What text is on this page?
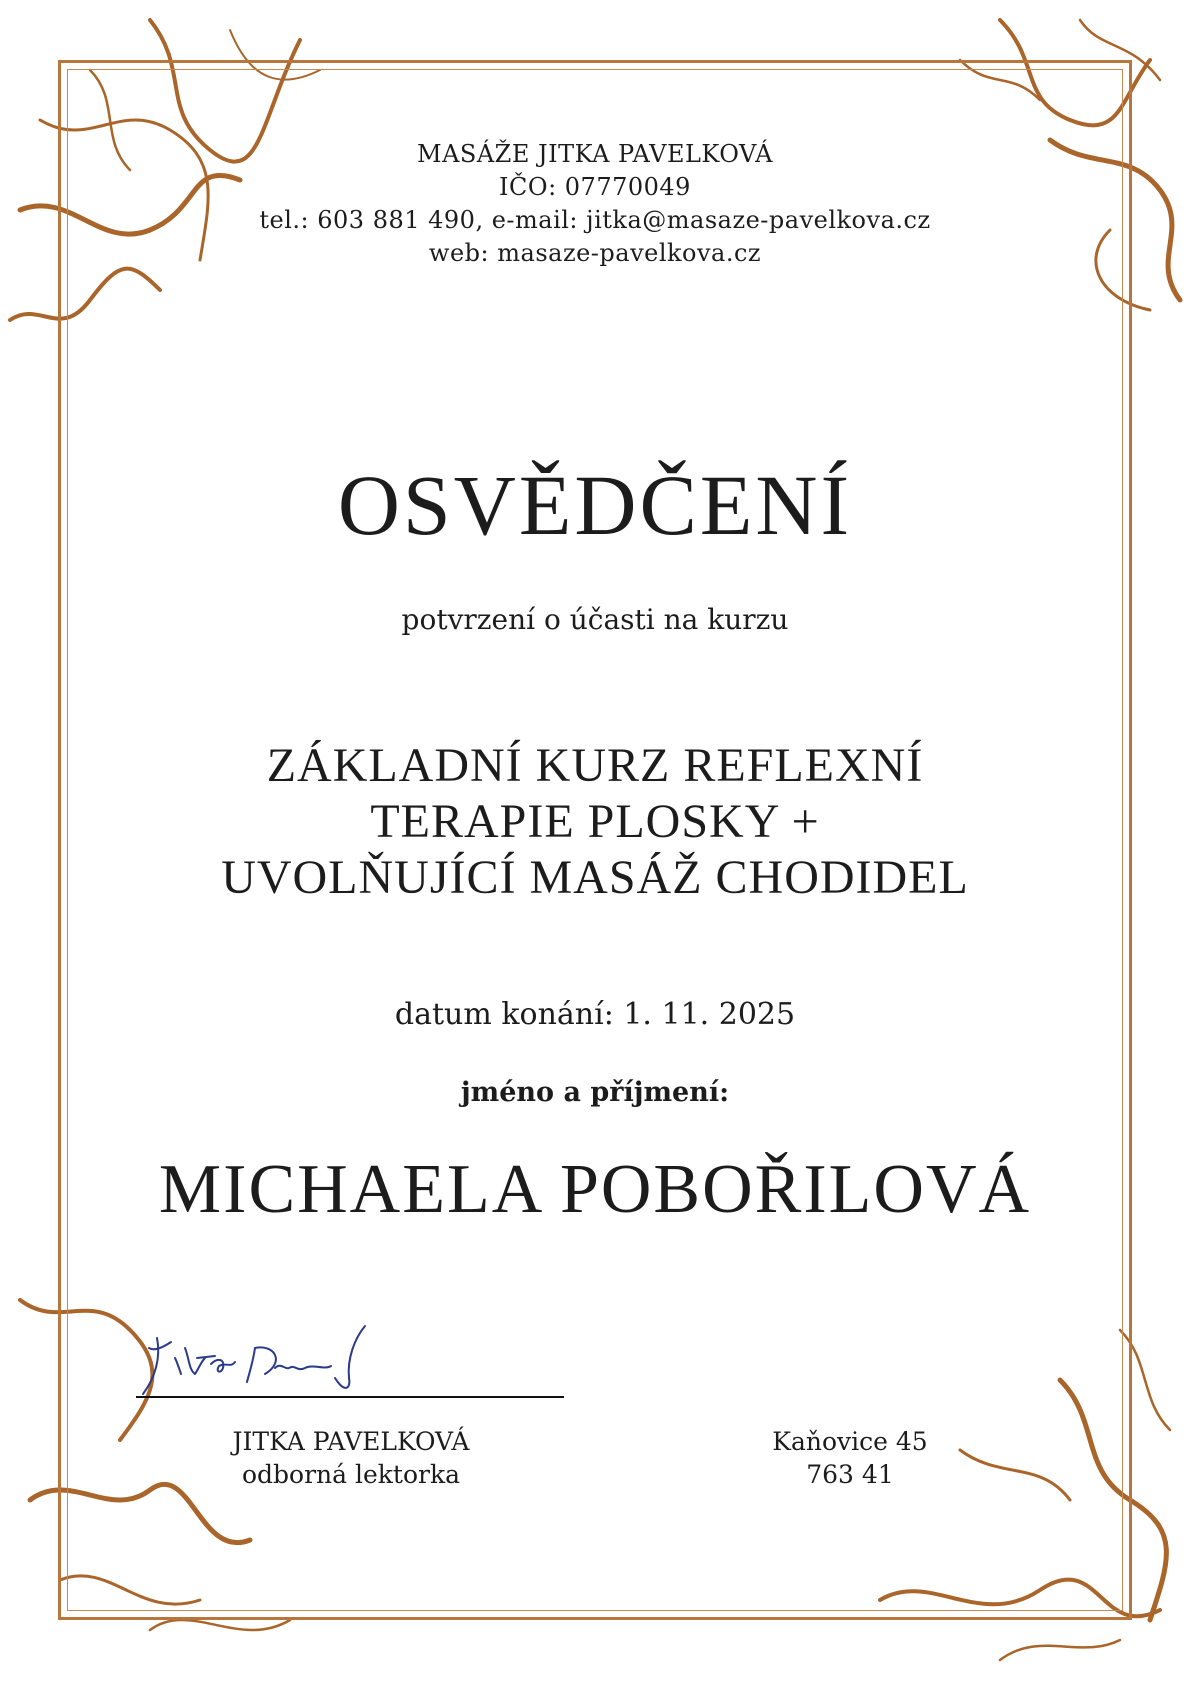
MASÁŽE JITKA PAVELKOVÁ
IČO: 07770049
tel.: 603 881 490, e-mail: jitka@masaze-pavelkova.cz
web: masaze-pavelkova.cz
OSVĚDČENÍ
potvrzení o účasti na kurzu
ZÁKLADNÍ KURZ REFLEXNÍ
TERAPIE PLOSKY +
UVOLŇUJÍCÍ MASÁŽ CHODIDEL
datum konání: 1. 11. 2025
jméno a příjmení:
MICHAELA POBOŘILOVÁ
JITKA PAVELKOVÁ
odborná lektorka
Kaňovice 45
763 41
